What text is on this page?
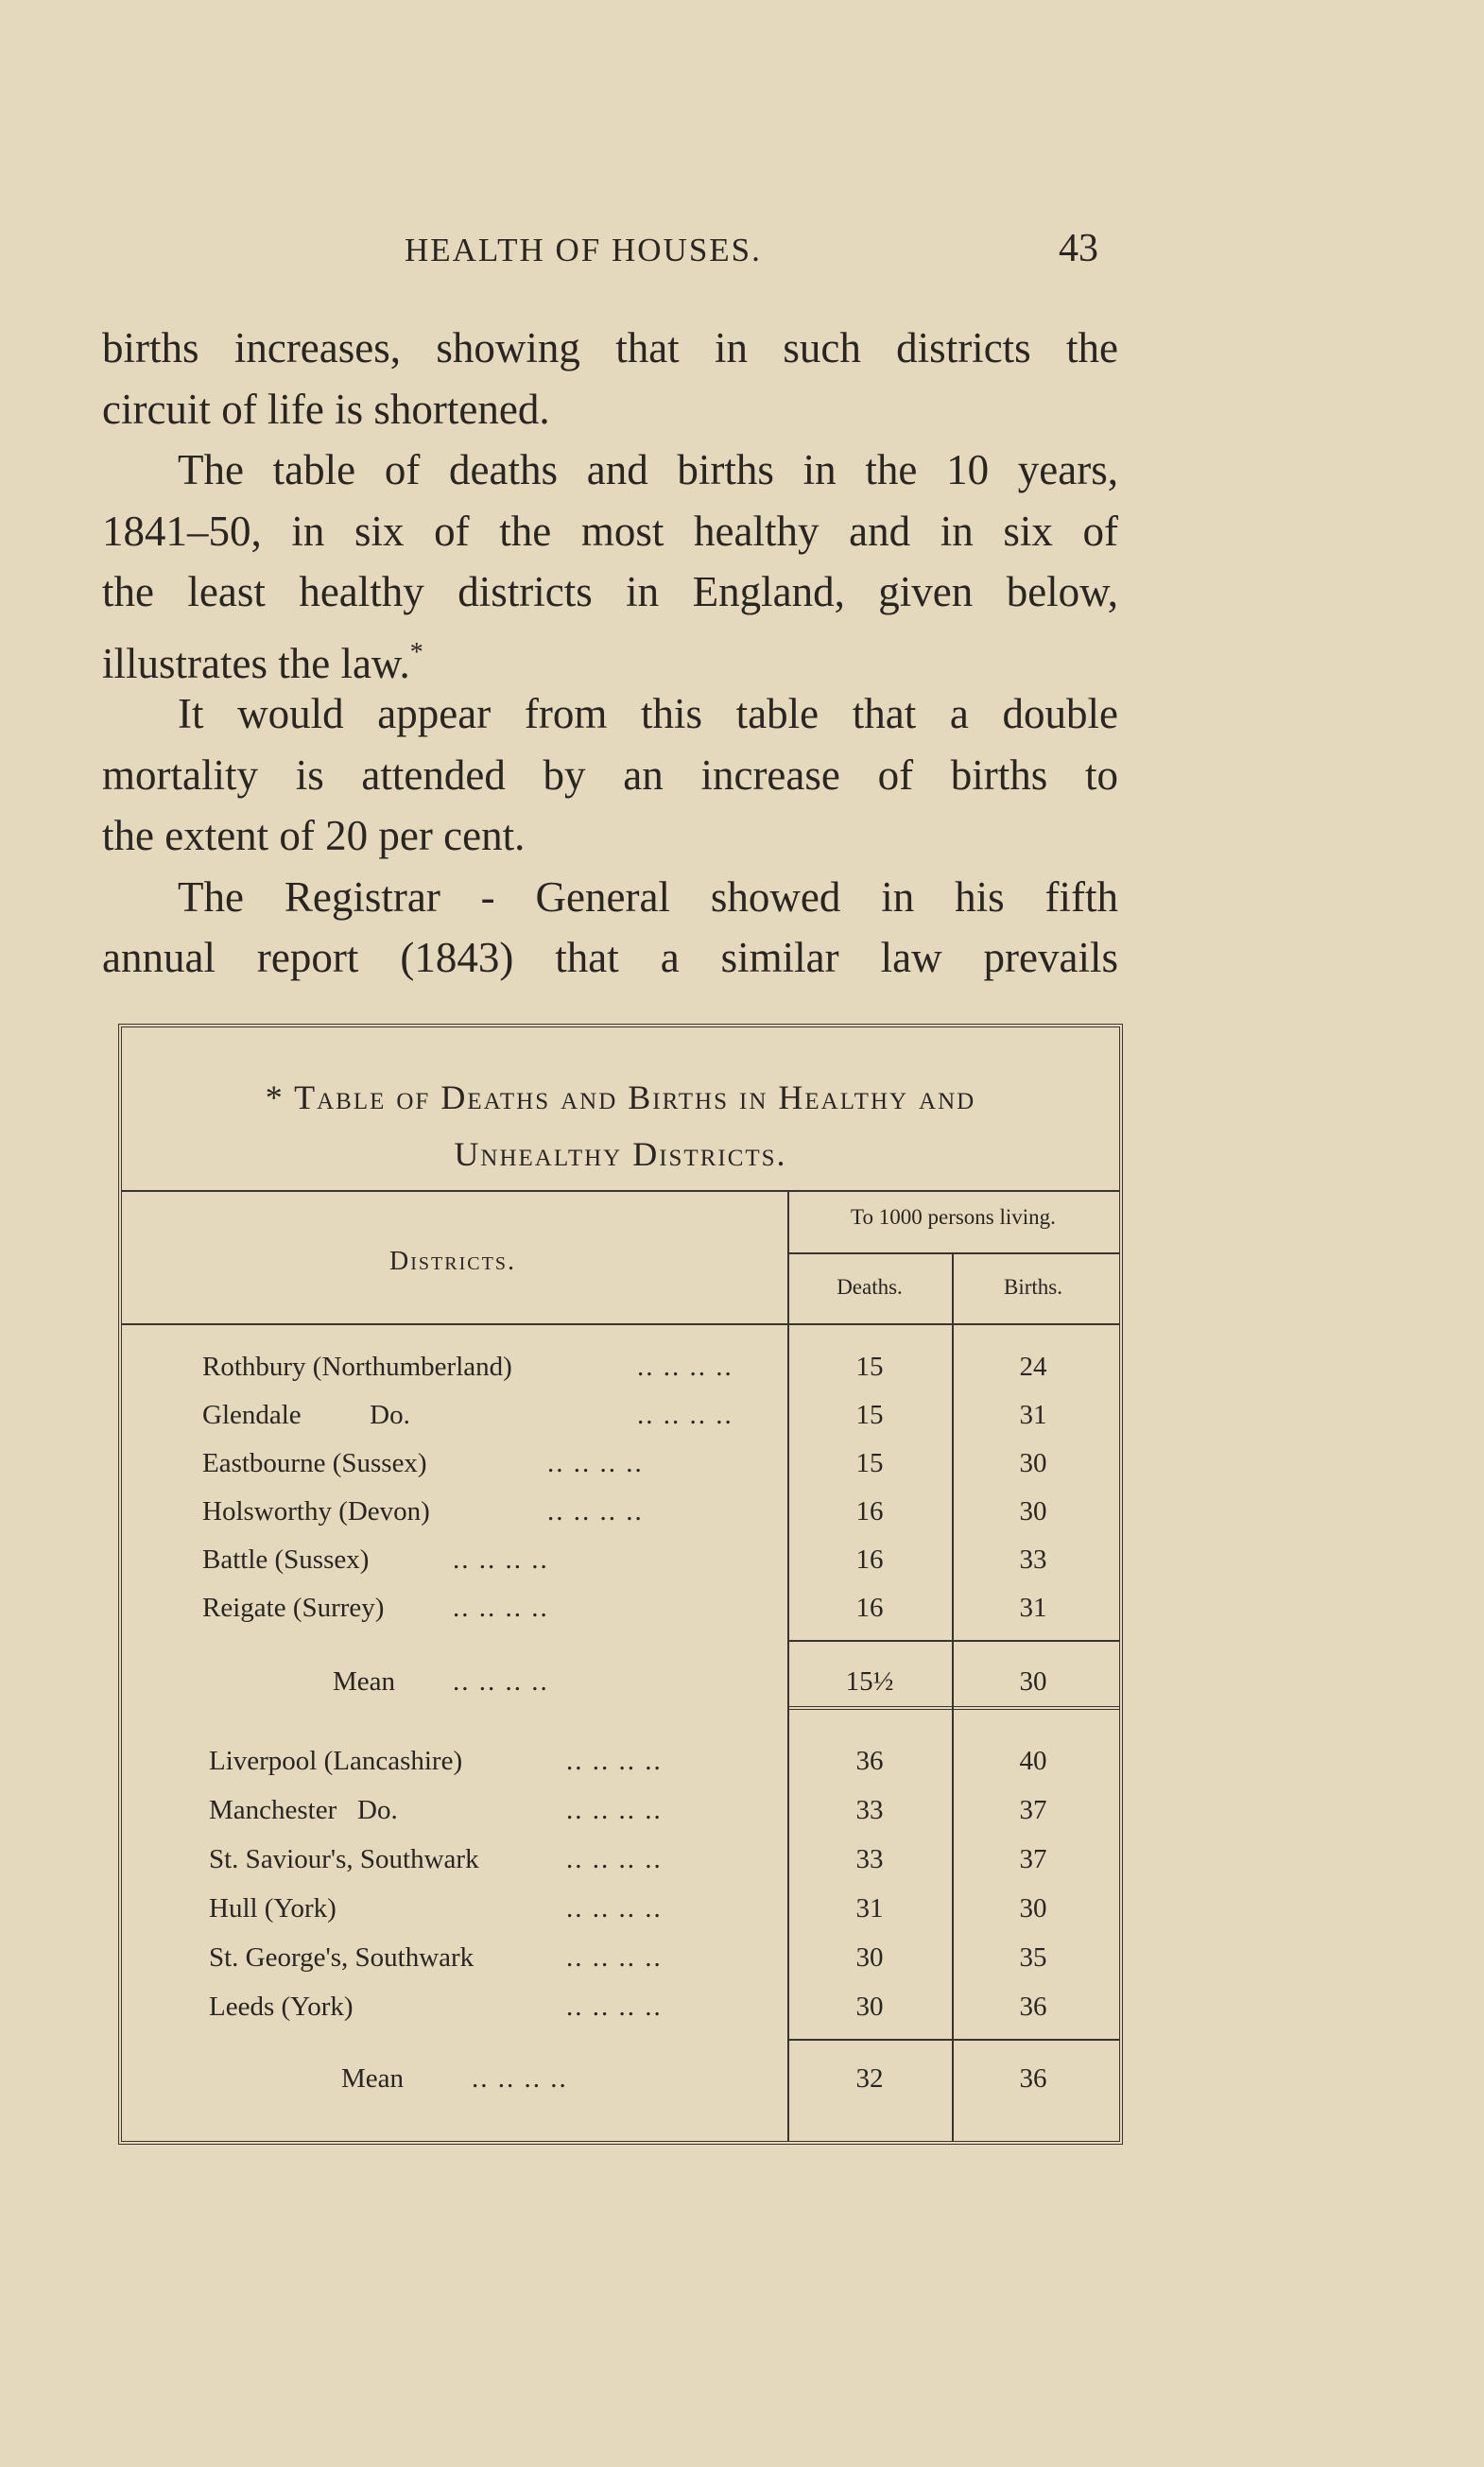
HEALTH OF HOUSES.	43
births increases, showing that in such districts the
circuit of life is shortened.
The table of deaths and births in the 10 years,
1841–50, in six of the most healthy and in six of
the least healthy districts in England, given below,
illustrates the law.*
It would appear from this table that a double
mortality is attended by an increase of births to
the extent of 20 per cent.
The Registrar - General showed in his fifth
annual report (1843) that a similar law prevails
* Table of Deaths and Births in Healthy and
Unhealthy Districts.
To 1000 persons living.
Districts.
Deaths.	Births.
Rothbury (Northumberland)	.. .. .. ..	15	24
Glendale          Do.	.. .. .. ..	15	31
Eastbourne (Sussex)	.. .. .. ..	15	30
Holsworthy (Devon)	.. .. .. ..	16	30
Battle (Sussex)	.. .. .. ..	16	33
Reigate (Surrey)	.. .. .. ..	16	31
Mean .. .. .. ..	15½	30
Liverpool (Lancashire)	.. .. .. ..	36	40
Manchester   Do.	.. .. .. ..	33	37
St. Saviour's, Southwark	.. .. .. ..	33	37
Hull (York)	.. .. .. ..	31	30
St. George's, Southwark	.. .. .. ..	30	35
Leeds (York)	.. .. .. ..	30	36
Mean .. .. .. ..	32	36
